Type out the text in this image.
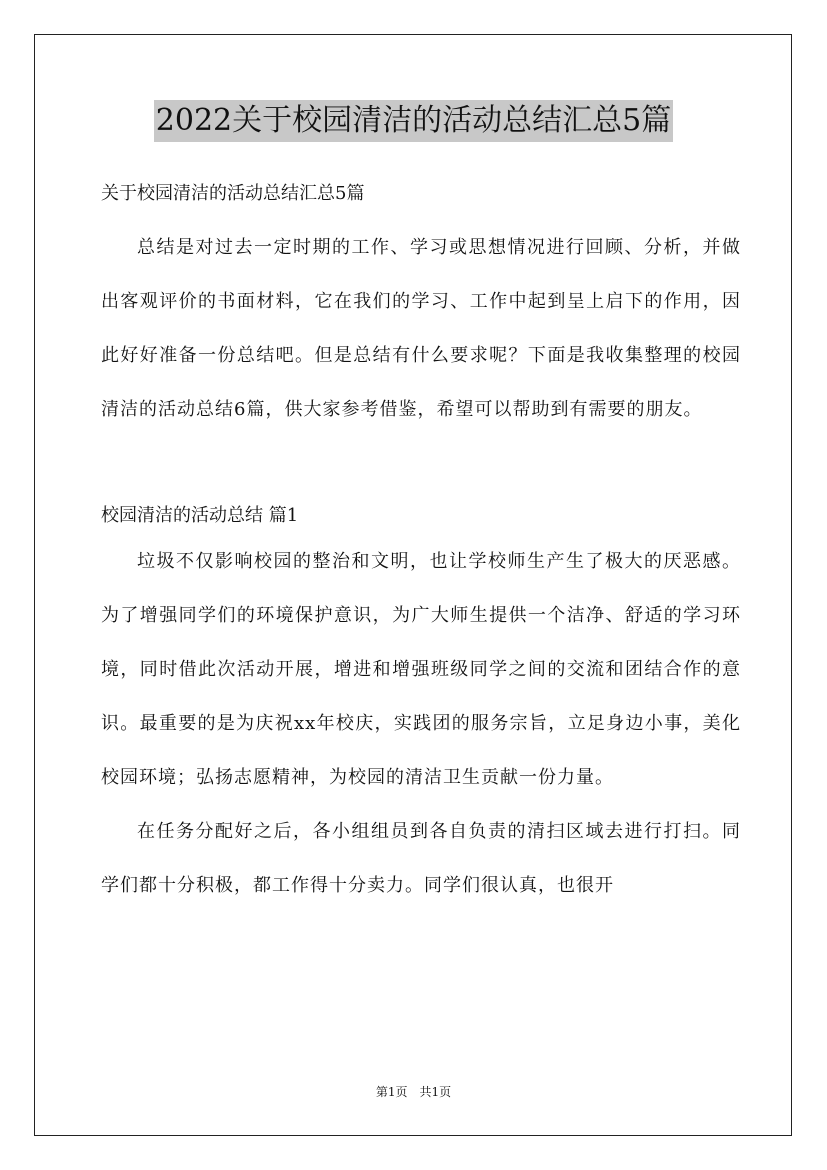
2022关于校园清洁的活动总结汇总5篇

关于校园清洁的活动总结汇总5篇

总结是对过去一定时期的工作、学习或思想情况进行回顾、分析，并做出客观评价的书面材料，它在我们的学习、工作中起到呈上启下的作用，因此好好准备一份总结吧。但是总结有什么要求呢？下面是我收集整理的校园清洁的活动总结6篇，供大家参考借鉴，希望可以帮助到有需要的朋友。

校园清洁的活动总结 篇1

垃圾不仅影响校园的整治和文明，也让学校师生产生了极大的厌恶感。为了增强同学们的环境保护意识，为广大师生提供一个洁净、舒适的学习环境，同时借此次活动开展，增进和增强班级同学之间的交流和团结合作的意识。最重要的是为庆祝xx年校庆，实践团的服务宗旨，立足身边小事，美化校园环境；弘扬志愿精神，为校园的清洁卫生贡献一份力量。

在任务分配好之后，各小组组员到各自负责的清扫区域去进行打扫。同学们都十分积极，都工作得十分卖力。同学们很认真，也很开

第1页　共1页
